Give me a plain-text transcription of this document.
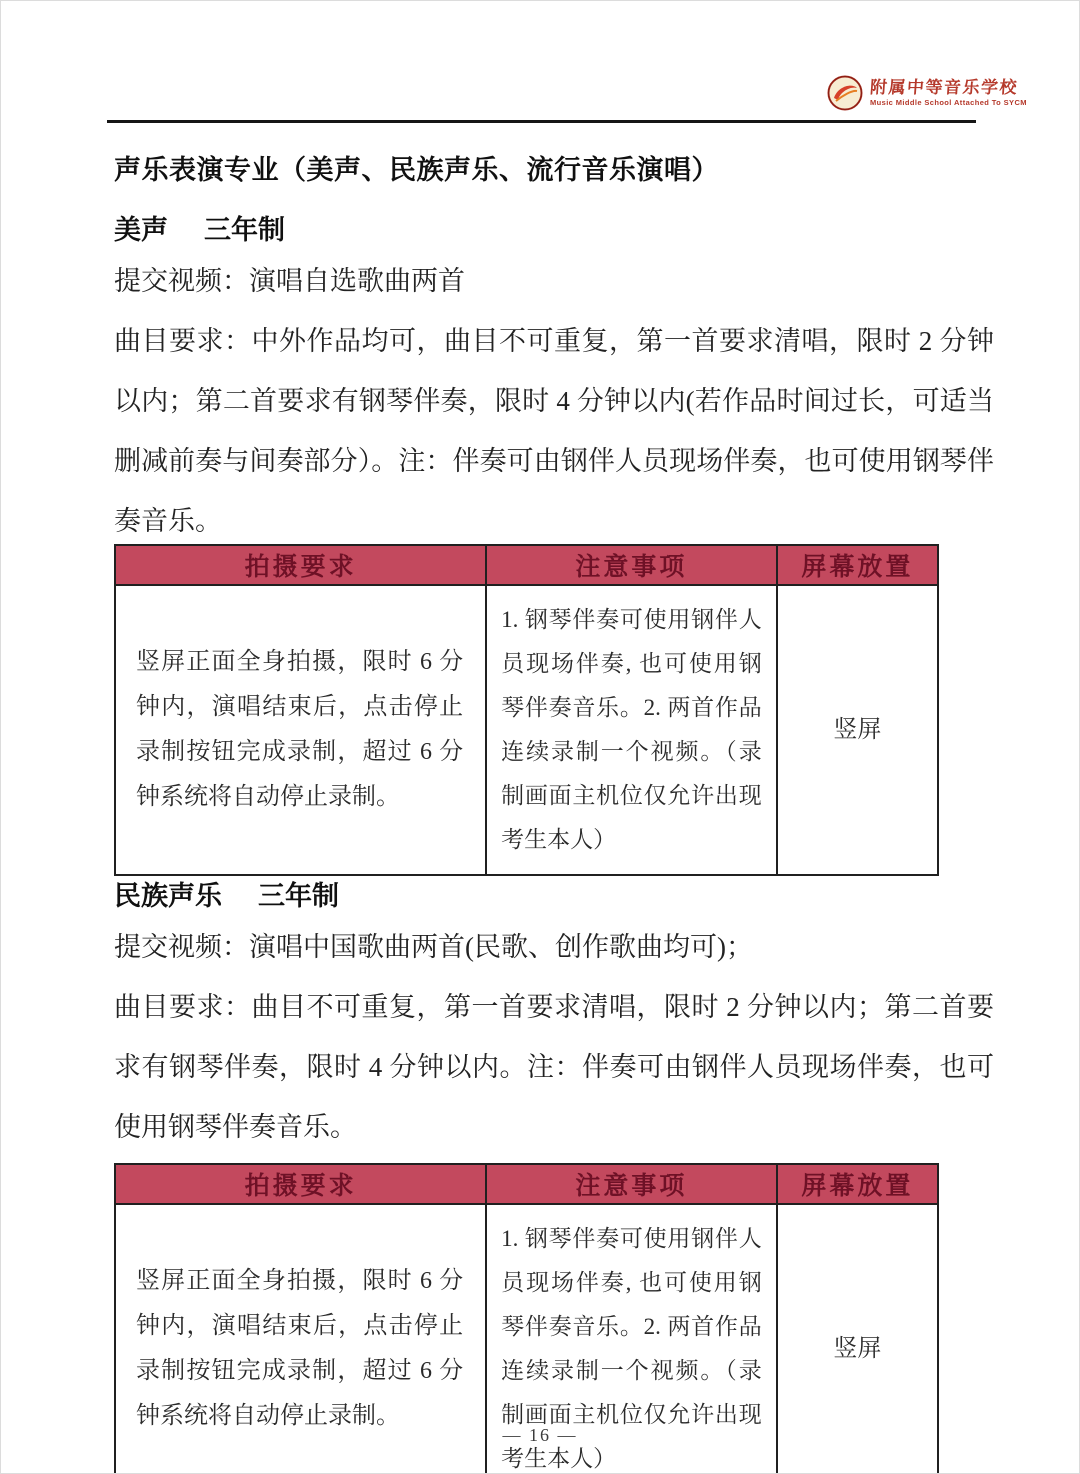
附属中等音乐学校
Music Middle School Attached To SYCM
声乐表演专业（美声、民族声乐、流行音乐演唱）
美声 三年制

提交视频：演唱自选歌曲两首

曲目要求：中外作品均可，曲目不可重复，第一首要求清唱，限时 2 分钟以内；第二首要求有钢琴伴奏，限时 4 分钟以内(若作品时间过长，可适当删减前奏与间奏部分）。注：伴奏可由钢伴人员现场伴奏，也可使用钢琴伴奏音乐。

拍摄要求	注意事项	屏幕放置
竖屏正面全身拍摄，限时 6 分钟内，演唱结束后，点击停止录制按钮完成录制，超过 6 分钟系统将自动停止录制。	1. 钢琴伴奏可使用钢伴人员现场伴奏, 也可使用钢琴伴奏音乐。2. 两首作品连续录制一个视频。（录制画面主机位仅允许出现考生本人）	竖屏
民族声乐 三年制

提交视频：演唱中国歌曲两首(民歌、创作歌曲均可)；

曲目要求：曲目不可重复，第一首要求清唱，限时 2 分钟以内；第二首要求有钢琴伴奏，限时 4 分钟以内。注：伴奏可由钢伴人员现场伴奏，也可使用钢琴伴奏音乐。

拍摄要求	注意事项	屏幕放置
竖屏正面全身拍摄，限时 6 分钟内，演唱结束后，点击停止录制按钮完成录制，超过 6 分钟系统将自动停止录制。	1. 钢琴伴奏可使用钢伴人员现场伴奏, 也可使用钢琴伴奏音乐。2. 两首作品连续录制一个视频。（录制画面主机位仅允许出现考生本人）	竖屏
— 16 —
